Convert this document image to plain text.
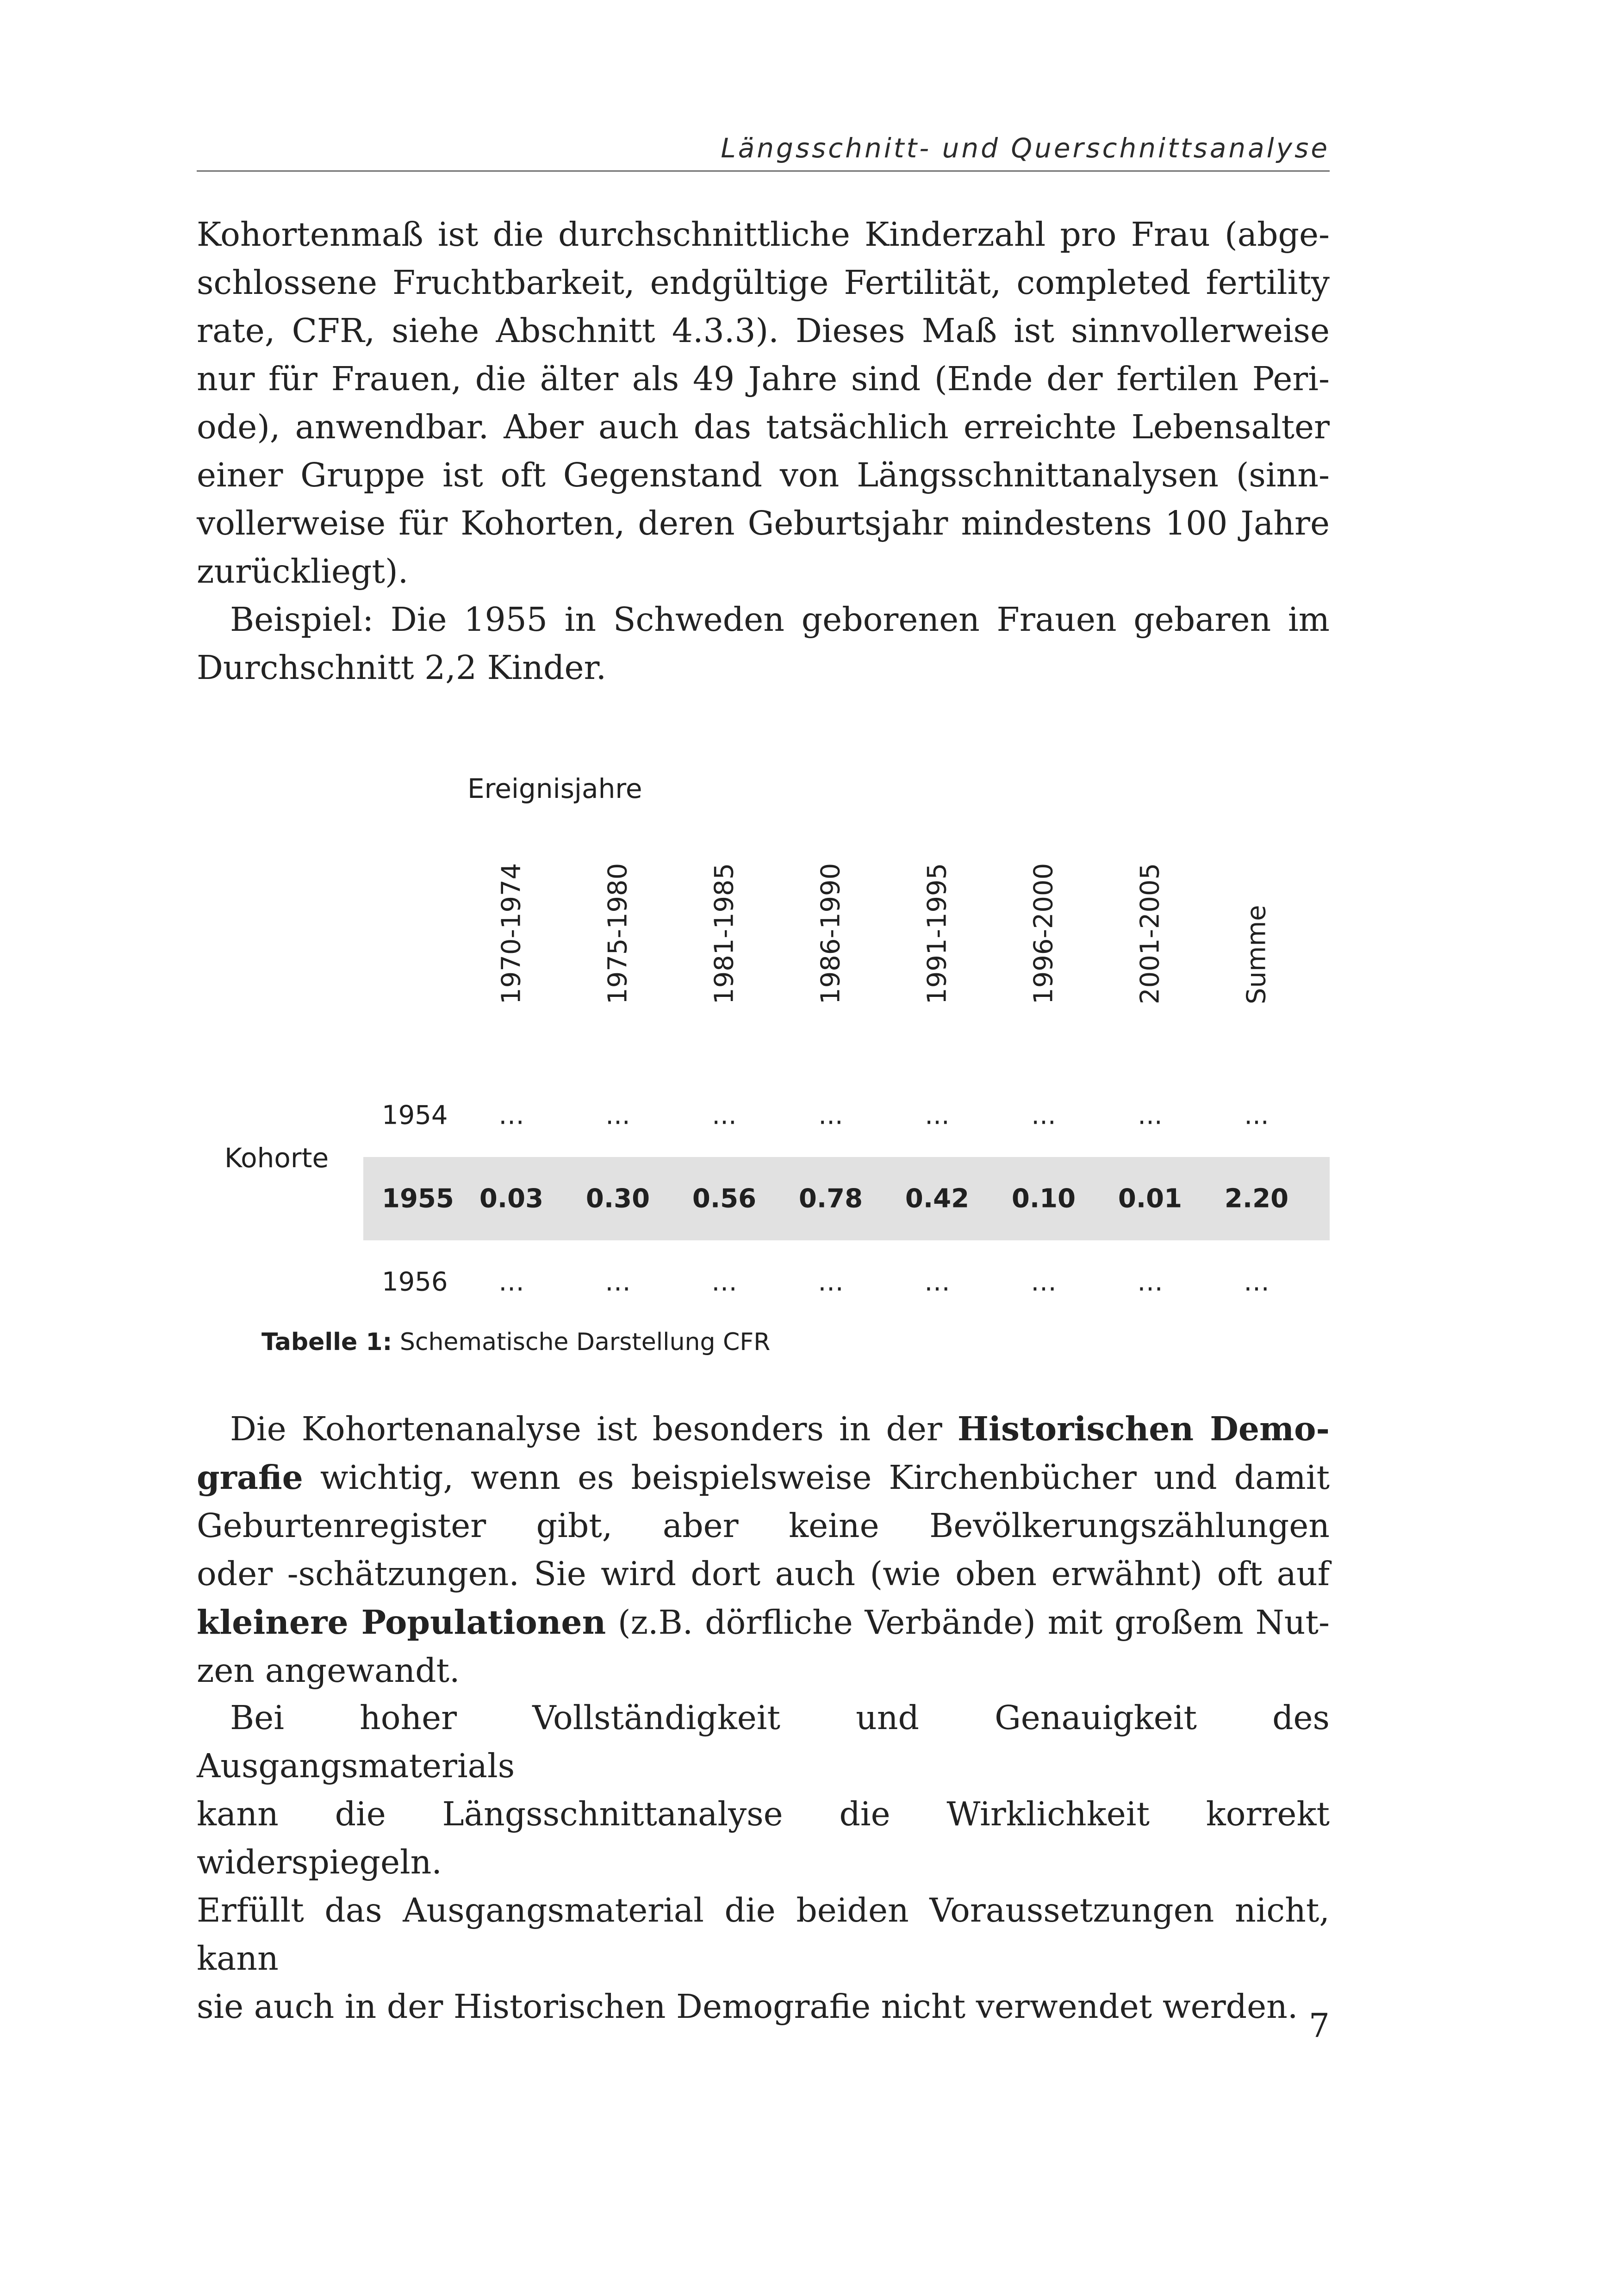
Längsschnitt- und Querschnittsanalyse

Kohortenmaß ist die durchschnittliche Kinderzahl pro Frau (abge-
schlossene Fruchtbarkeit, endgültige Fertilität, completed fertility
rate, CFR, siehe Abschnitt 4.3.3). Dieses Maß ist sinnvollerweise
nur für Frauen, die älter als 49 Jahre sind (Ende der fertilen Peri-
ode), anwendbar. Aber auch das tatsächlich erreichte Lebensalter
einer Gruppe ist oft Gegenstand von Längsschnittanalysen (sinn-
vollerweise für Kohorten, deren Geburtsjahr mindestens 100 Jahre
zurückliegt).

Beispiel: Die 1955 in Schweden geborenen Frauen gebaren im
Durchschnitt 2,2 Kinder.

Ereignisjahre
1970-1974	1975-1980	1981-1985	1986-1990	1991-1995	1996-2000	2001-2005	Summe
1954	…	...	...	...	...	...	...	...
Kohorte
1955 0.03	0.30	0.56	0.78	0.42	0.10	0.01	2.20
1956	…	…	…	…	…	…	…	…
Tabelle 1: Schematische Darstellung CFR

Die Kohortenanalyse ist besonders in der Historischen Demo-
grafie wichtig, wenn es beispielsweise Kirchenbücher und damit
Geburtenregister gibt, aber keine Bevölkerungszählungen
oder -schätzungen. Sie wird dort auch (wie oben erwähnt) oft auf
kleinere Populationen (z.B. dörfliche Verbände) mit großem Nut-
zen angewandt.

Bei hoher Vollständigkeit und Genauigkeit des Ausgangsmaterials
kann die Längsschnittanalyse die Wirklichkeit korrekt widerspiegeln.
Erfüllt das Ausgangsmaterial die beiden Voraussetzungen nicht, kann
sie auch in der Historischen Demografie nicht verwendet werden. 7
